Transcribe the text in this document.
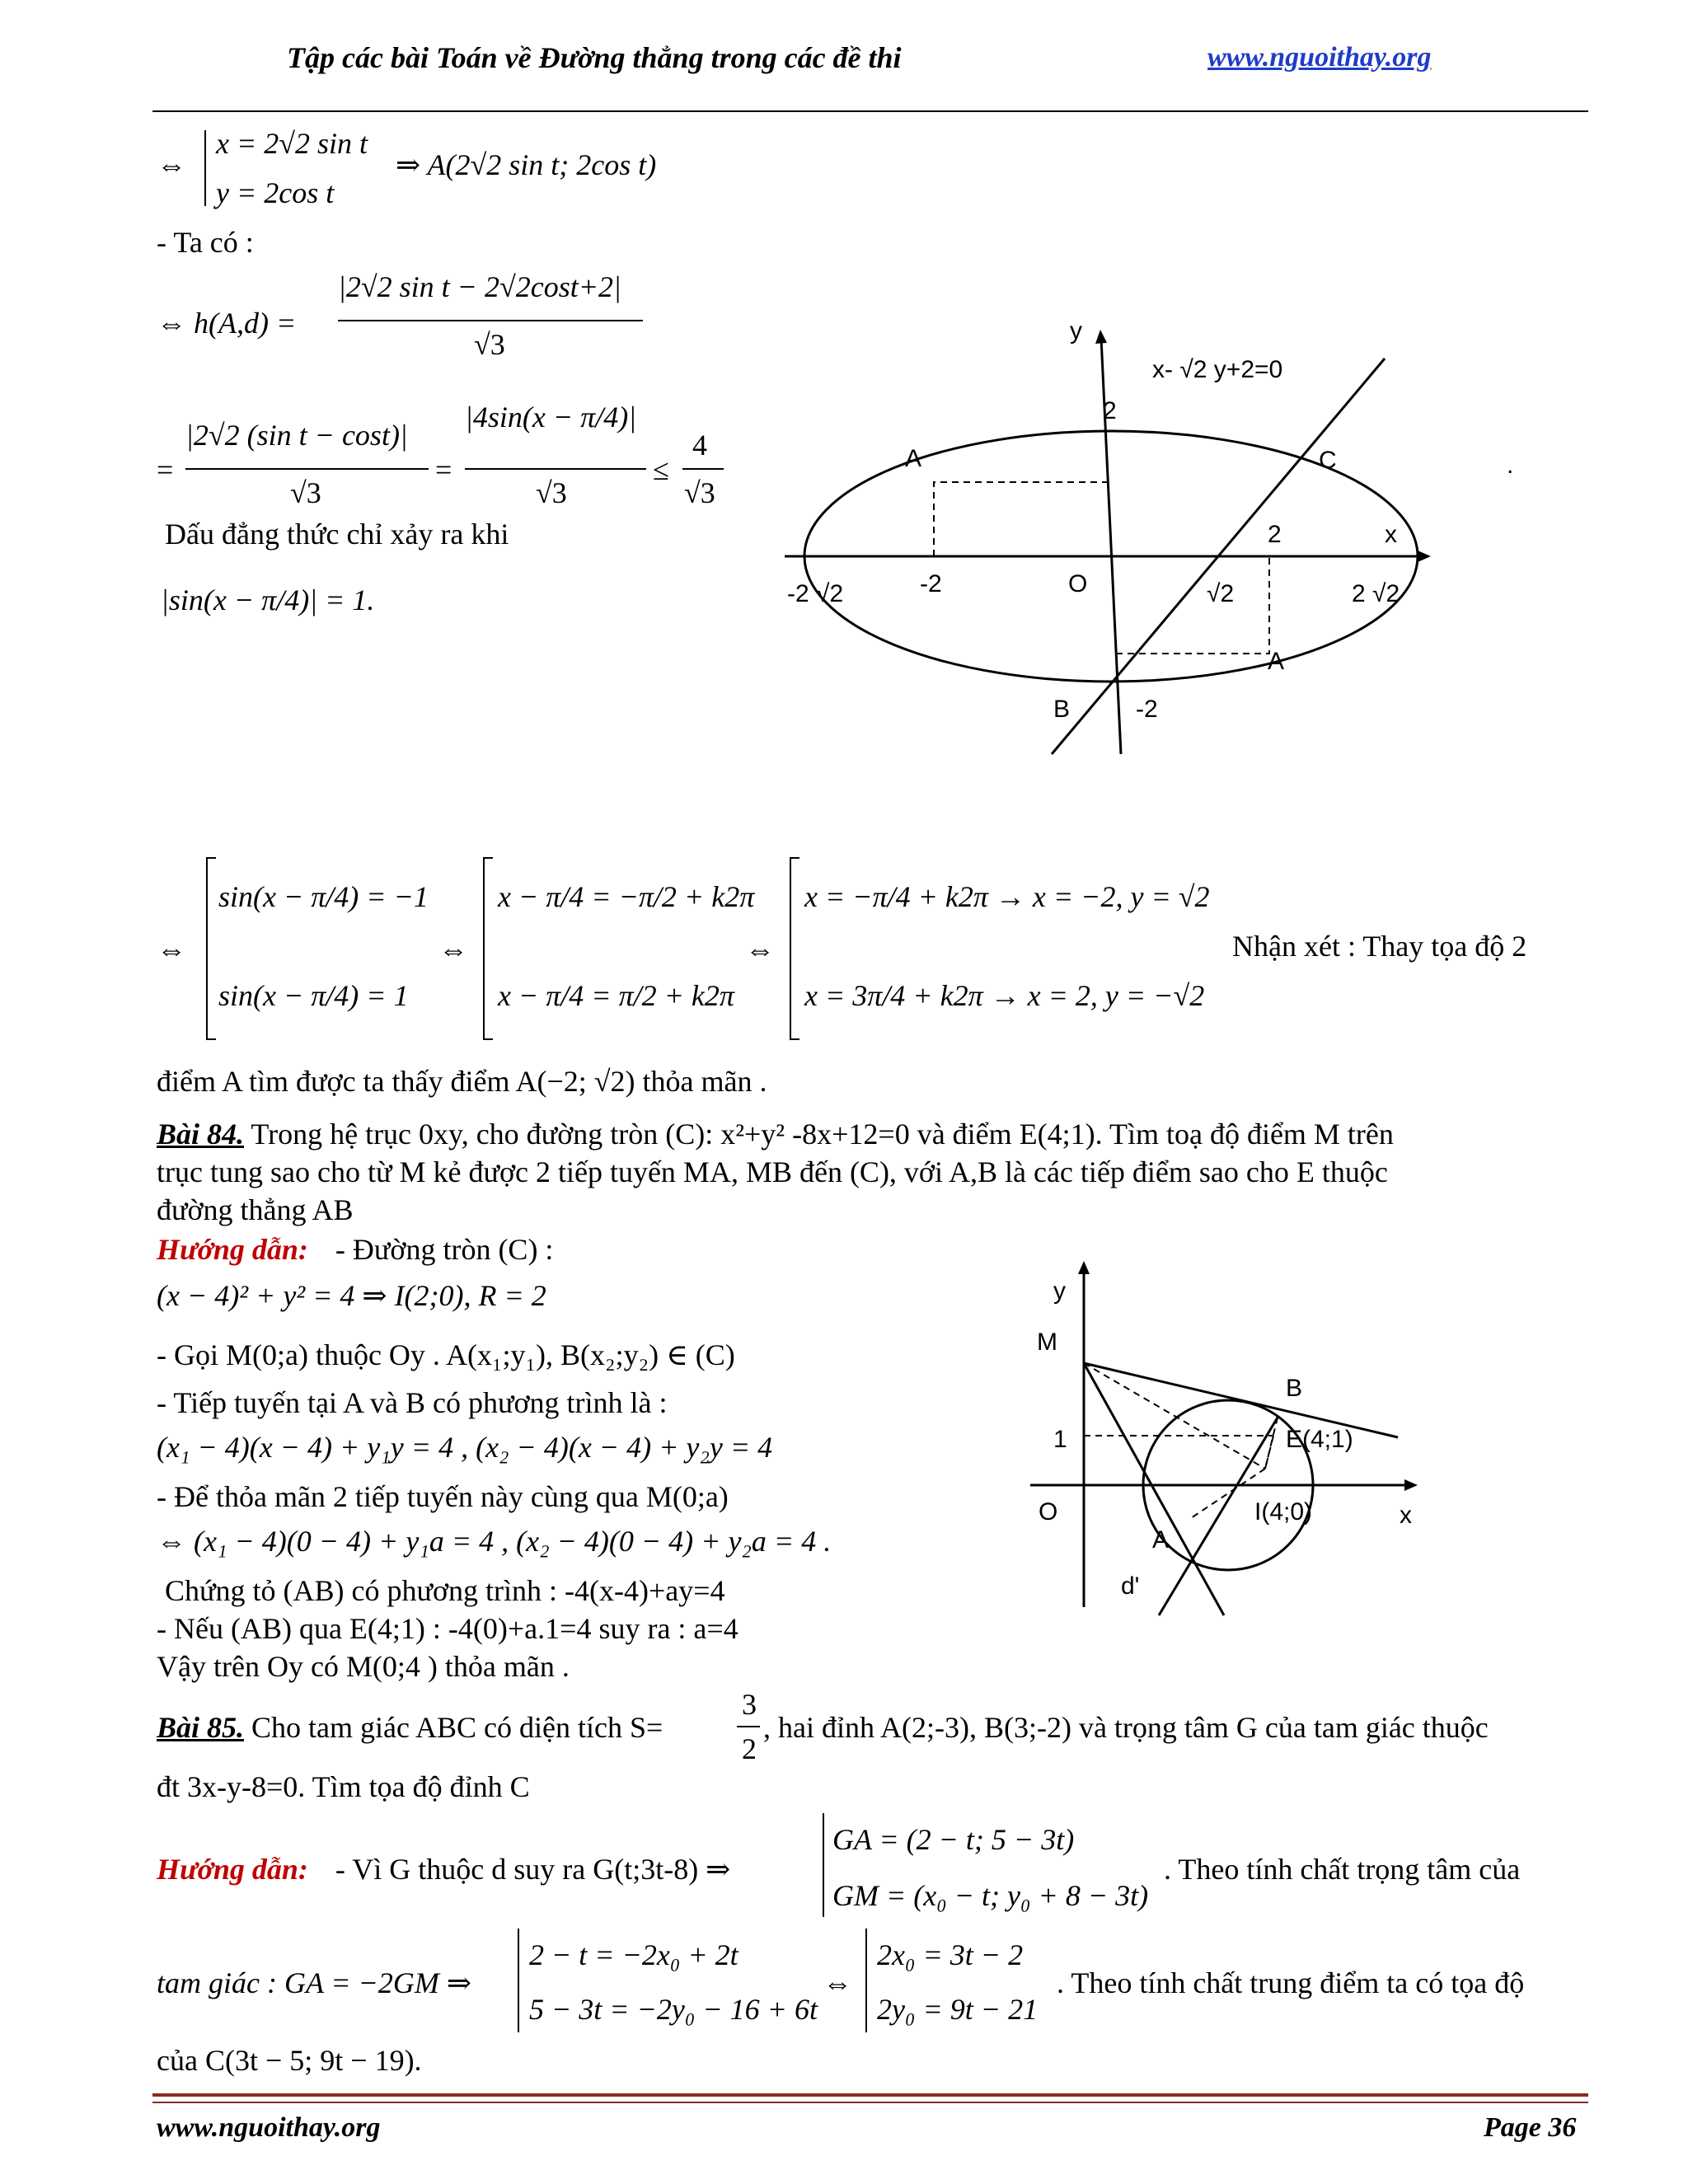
Tập các bài Toán về Đường thẳng trong các đề thi	www.nguoithay.org
⇔
x = 2√2 sin t
y = 2cos t
⇒ A(2√2 sin t; 2cos t)
- Ta có :
⇔ h(A,d) =
|2√2 sin t − 2√2cost+2|
√3
=
|2√2 (sin t − cost)|
√3
=
|4sin(x − π/4)|
√3
≤
4
√3
Dấu đẳng thức chỉ xảy ra khi
|sin(x − π/4)| = 1.
y
x- √2 y+2=0
2
A	C	.
2	x
-2 √2	-2	O	√2	2 √2
A
B	-2
⇔
sin(x − π/4) = −1
sin(x − π/4) = 1
⇔
x − π/4 = −π/2 + k2π
x − π/4 = π/2 + k2π
⇔
x = −π/4 + k2π → x = −2, y = √2
x = 3π/4 + k2π → x = 2, y = −√2
Nhận xét : Thay tọa độ 2
điểm A tìm được ta thấy điểm A(−2; √2) thỏa mãn .
Bài 84. Trong hệ trục 0xy, cho đường tròn (C): x²+y² -8x+12=0 và điểm E(4;1). Tìm toạ độ điểm M trên
trục tung sao cho từ M kẻ được 2 tiếp tuyến MA, MB đến (C), với A,B là các tiếp điểm sao cho E thuộc
đường thẳng AB
Hướng dẫn: - Đường tròn (C) :
(x − 4)² + y² = 4 ⇒ I(2;0), R = 2
- Gọi M(0;a) thuộc Oy . A(x₁;y₁), B(x₂;y₂) ∈ (C)
- Tiếp tuyến tại A và B có phương trình là :
(x₁ − 4)(x − 4) + y₁y = 4 , (x₂ − 4)(x − 4) + y₂y = 4
- Để thỏa mãn 2 tiếp tuyến này cùng qua M(0;a)
⇔ (x₁ − 4)(0 − 4) + y₁a = 4 , (x₂ − 4)(0 − 4) + y₂a = 4 .
Chứng tỏ (AB) có phương trình : -4(x-4)+ay=4
- Nếu (AB) qua E(4;1) : -4(0)+a.1=4 suy ra : a=4
Vậy trên Oy có M(0;4 ) thỏa mãn .
y
M
B
1	E(4;1)
O	I(4;0)	x
A
d'
Bài 85. Cho tam giác ABC có diện tích S=
3
2
, hai đỉnh A(2;-3), B(3;-2) và trọng tâm G của tam giác thuộc
đt 3x-y-8=0. Tìm tọa độ đỉnh C
Hướng dẫn: - Vì G thuộc d suy ra G(t;3t-8) ⇒
GA = (2 − t; 5 − 3t)
GM = (x₀ − t; y₀ + 8 − 3t)
. Theo tính chất trọng tâm của
tam giác : GA = −2GM ⇒
2 − t = −2x₀ + 2t
5 − 3t = −2y₀ − 16 + 6t
⇔
2x₀ = 3t − 2
2y₀ = 9t − 21
. Theo tính chất trung điểm ta có tọa độ
của C(3t − 5; 9t − 19).
www.nguoithay.org	Page 36
